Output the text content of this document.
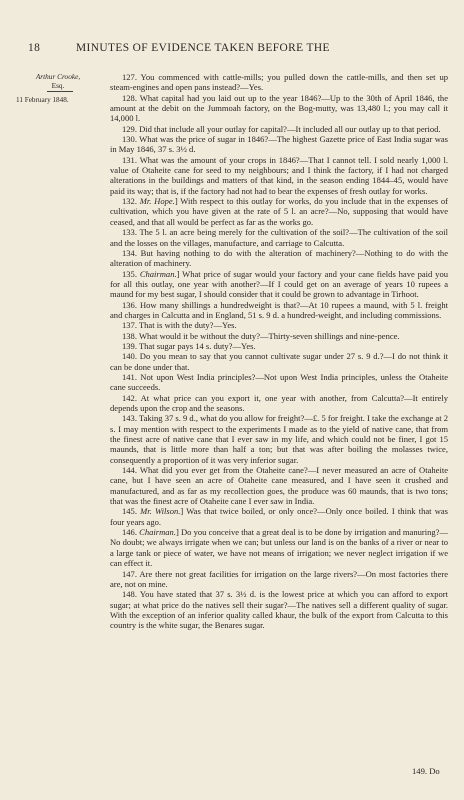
18	MINUTES OF EVIDENCE TAKEN BEFORE THE
Arthur Crooke,
Esq.
11 February 1848.

127. You commenced with cattle-mills; you pulled down the cattle-mills, and then set up steam-engines and open pans instead?—Yes.

128. What capital had you laid out up to the year 1846?—Up to the 30th of April 1846, the amount at the debit on the Jummoah factory, on the Bog-mutty, was 13,480 l.; you may call it 14,000 l.

129. Did that include all your outlay for capital?—It included all our outlay up to that period.

130. What was the price of sugar in 1846?—The highest Gazette price of East India sugar was in May 1846, 37 s. 3½ d.

131. What was the amount of your crops in 1846?—That I cannot tell. I sold nearly 1,000 l. value of Otaheite cane for seed to my neighbours; and I think the factory, if I had not charged alterations in the buildings and matters of that kind, in the season ending 1844–45, would have paid its way; that is, if the factory had not had to bear the expenses of fresh outlay for works.

132. Mr. Hope.] With respect to this outlay for works, do you include that in the expenses of cultivation, which you have given at the rate of 5 l. an acre?—No, supposing that would have ceased, and that all would be perfect as far as the works go.

133. The 5 l. an acre being merely for the cultivation of the soil?—The cultivation of the soil and the losses on the villages, manufacture, and carriage to Calcutta.

134. But having nothing to do with the alteration of machinery?—Nothing to do with the alteration of machinery.

135. Chairman.] What price of sugar would your factory and your cane fields have paid you for all this outlay, one year with another?—If I could get on an average of years 10 rupees a maund for my best sugar, I should consider that it could be grown to advantage in Tirhoot.

136. How many shillings a hundredweight is that?—At 10 rupees a maund, with 5 l. freight and charges in Calcutta and in England, 51 s. 9 d. a hundred-weight, and including commissions.

137. That is with the duty?—Yes.

138. What would it be without the duty?—Thirty-seven shillings and nine-pence.

139. That sugar pays 14 s. duty?—Yes.

140. Do you mean to say that you cannot cultivate sugar under 27 s. 9 d.?—I do not think it can be done under that.

141. Not upon West India principles?—Not upon West India principles, unless the Otaheite cane succeeds.

142. At what price can you export it, one year with another, from Calcutta?—It entirely depends upon the crop and the seasons.

143. Taking 37 s. 9 d., what do you allow for freight?—£. 5 for freight. I take the exchange at 2 s. I may mention with respect to the experiments I made as to the yield of native cane, that from the finest acre of native cane that I ever saw in my life, and which could not be finer, I got 15 maunds, that is little more than half a ton; but that was after boiling the molasses twice, consequently a proportion of it was very inferior sugar.

144. What did you ever get from the Otaheite cane?—I never measured an acre of Otaheite cane, but I have seen an acre of Otaheite cane measured, and I have seen it crushed and manufactured, and as far as my recollection goes, the produce was 60 maunds, that is two tons; that was the finest acre of Otaheite cane I ever saw in India.

145. Mr. Wilson.] Was that twice boiled, or only once?—Only once boiled. I think that was four years ago.

146. Chairman.] Do you conceive that a great deal is to be done by irrigation and manuring?—No doubt; we always irrigate when we can; but unless our land is on the banks of a river or near to a large tank or piece of water, we have not means of irrigation; we never neglect irrigation if we can effect it.

147. Are there not great facilities for irrigation on the large rivers?—On most factories there are, not on mine.

148. You have stated that 37 s. 3½ d. is the lowest price at which you can afford to export sugar; at what price do the natives sell their sugar?—The natives sell a different quality of sugar. With the exception of an inferior quality called khaur, the bulk of the export from Calcutta to this country is the white sugar, the Benares sugar.

149. Do
